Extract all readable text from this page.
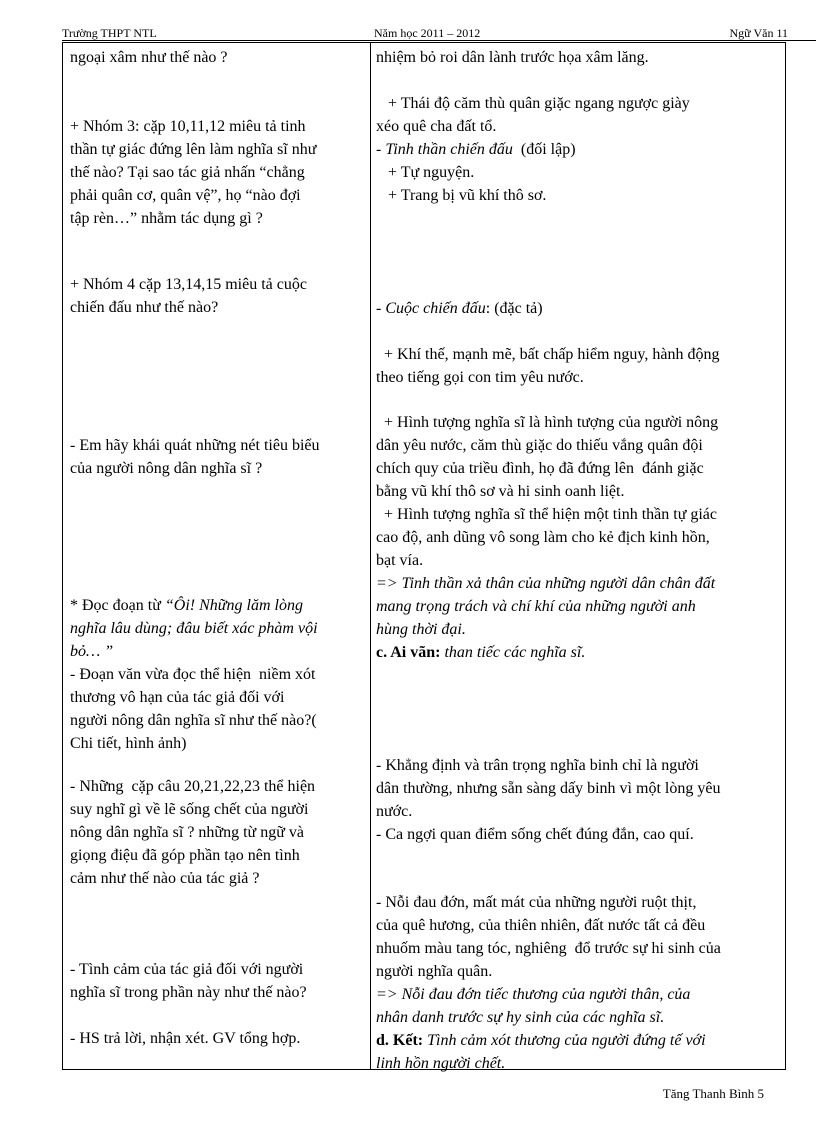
Trường THPT NTL	Năm học 2011 – 2012	Ngữ Văn 11
ngoại xâm như thế nào ?
+ Nhóm 3: cặp 10,11,12 miêu tả tinh
thần tự giác đứng lên làm nghĩa sĩ như
thế nào? Tại sao tác giả nhấn “chẳng
phải quân cơ, quân vệ”, họ “nào đợi
tập rèn…” nhằm tác dụng gì ?
+ Nhóm 4 cặp 13,14,15 miêu tả cuộc
chiến đấu như thế nào?
- Em hãy khái quát những nét tiêu biểu
của người nông dân nghĩa sĩ ?
* Đọc đoạn từ “Ôi! Những lăm lòng
nghĩa lâu dùng; đâu biết xác phàm vội
bỏ… ”
- Đoạn văn vừa đọc thể hiện  niềm xót
thương vô hạn của tác giả đối với
người nông dân nghĩa sĩ như thế nào?(
Chi tiết, hình ảnh)
- Những  cặp câu 20,21,22,23 thể hiện
suy nghĩ gì về lẽ sống chết của người
nông dân nghĩa sĩ ? những từ ngữ và
giọng điệu đã góp phần tạo nên tình
cảm như thế nào của tác giả ?
- Tình cảm của tác giả đối với người
nghĩa sĩ trong phần này như thế nào?
- HS trả lời, nhận xét. GV tổng hợp.
nhiệm bỏ roi dân lành trước họa xâm lăng.
+ Thái độ căm thù quân giặc ngang ngược giày
xéo quê cha đất tổ.
- Tinh thần chiến đấu  (đối lập)
+ Tự nguyện.
+ Trang bị vũ khí thô sơ.
- Cuộc chiến đấu: (đặc tả)
+ Khí thế, mạnh mẽ, bất chấp hiểm nguy, hành động
theo tiếng gọi con tim yêu nước.
+ Hình tượng nghĩa sĩ là hình tượng của người nông
dân yêu nước, căm thù giặc do thiếu vắng quân đội
chích quy của triều đình, họ đã đứng lên  đánh giặc
bằng vũ khí thô sơ và hi sinh oanh liệt.
+ Hình tượng nghĩa sĩ thể hiện một tinh thần tự giác
cao độ, anh dũng vô song làm cho kẻ địch kinh hồn,
bạt vía.
=> Tinh thần xả thân của những người dân chân đất
mang trọng trách và chí khí của những người anh
hùng thời đại.
c. Ai vãn: than tiếc các nghĩa sĩ.
- Khẳng định và trân trọng nghĩa binh chỉ là người
dân thường, nhưng sẵn sàng dấy binh vì một lòng yêu
nước.
- Ca ngợi quan điểm sống chết đúng đắn, cao quí.
- Nỗi đau đớn, mất mát của những người ruột thịt,
của quê hương, của thiên nhiên, đất nước tất cả đều
nhuốm màu tang tóc, nghiêng  đổ trước sự hi sinh của
người nghĩa quân.
=> Nỗi đau đớn tiếc thương của người thân, của
nhân danh trước sự hy sinh của các nghĩa sĩ.
d. Kết: Tình cảm xót thương của người đứng tế với
linh hồn người chết.
Tăng Thanh Bình 5
